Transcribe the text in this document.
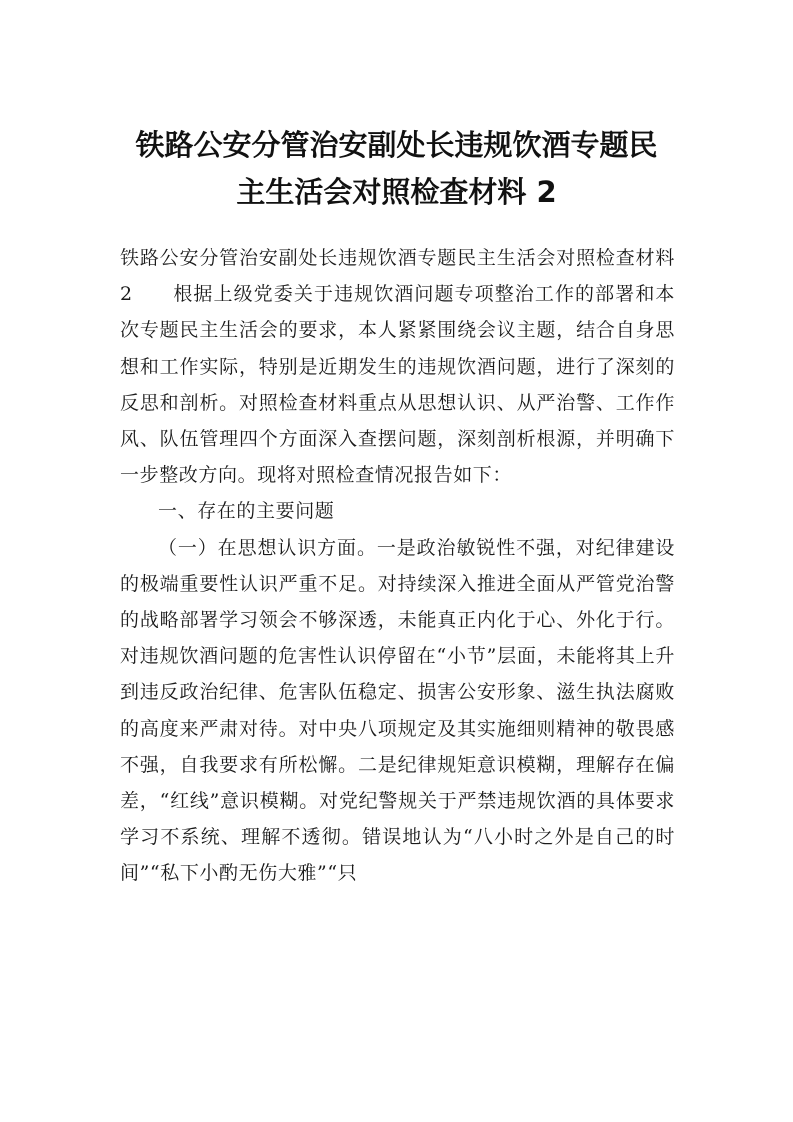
铁路公安分管治安副处长违规饮酒专题民
主生活会对照检查材料 2

铁路公安分管治安副处长违规饮酒专题民主生活会对照检查材料 2　　根据上级党委关于违规饮酒问题专项整治工作的部署和本次专题民主生活会的要求，本人紧紧围绕会议主题，结合自身思想和工作实际，特别是近期发生的违规饮酒问题，进行了深刻的反思和剖析。对照检查材料重点从思想认识、从严治警、工作作风、队伍管理四个方面深入查摆问题，深刻剖析根源，并明确下一步整改方向。现将对照检查情况报告如下：

一、存在的主要问题

（一）在思想认识方面。一是政治敏锐性不强，对纪律建设的极端重要性认识严重不足。对持续深入推进全面从严管党治警的战略部署学习领会不够深透，未能真正内化于心、外化于行。对违规饮酒问题的危害性认识停留在“小节”层面，未能将其上升到违反政治纪律、危害队伍稳定、损害公安形象、滋生执法腐败的高度来严肃对待。对中央八项规定及其实施细则精神的敬畏感不强，自我要求有所松懈。二是纪律规矩意识模糊，理解存在偏差，“红线”意识模糊。对党纪警规关于严禁违规饮酒的具体要求学习不系统、理解不透彻。错误地认为“八小时之外是自己的时间”“私下小酌无伤大雅”“只
